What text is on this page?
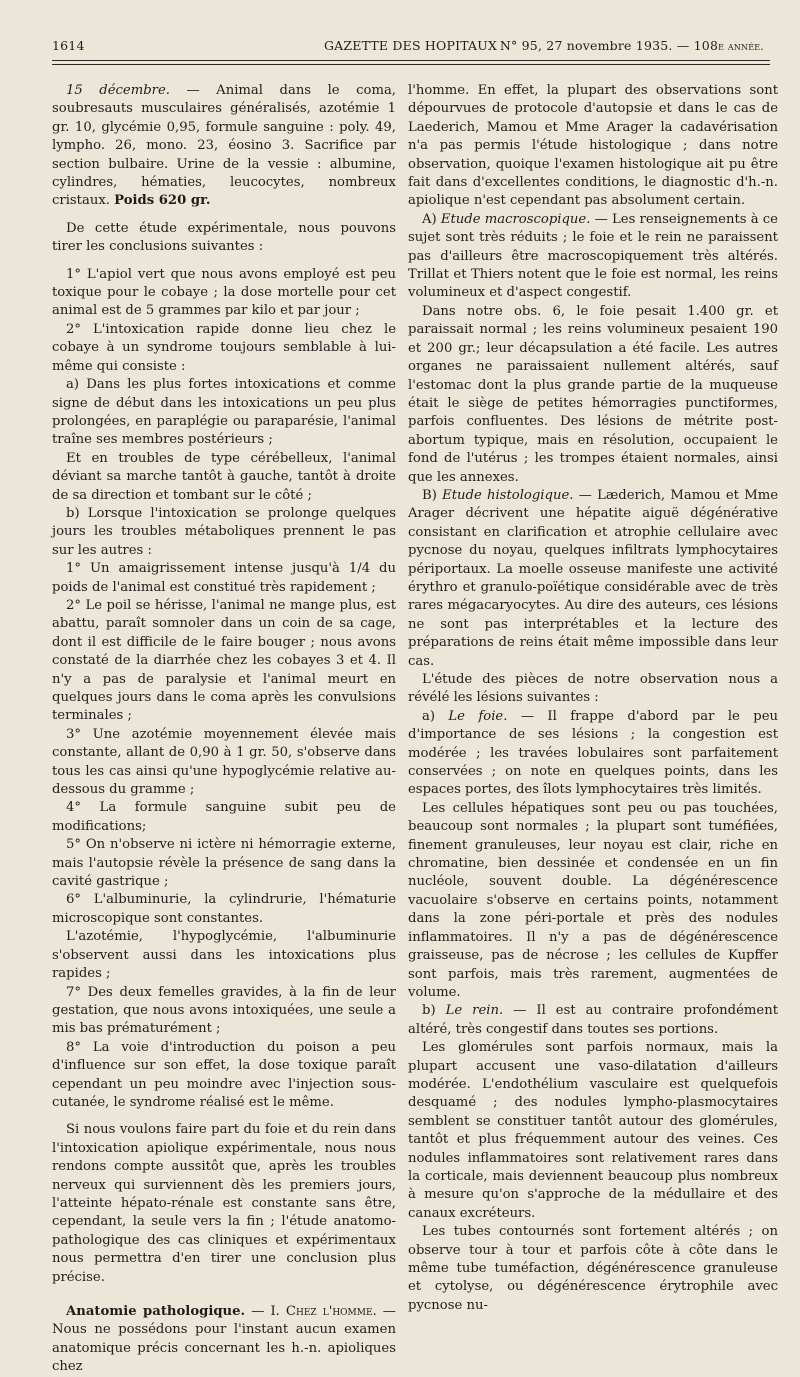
1614	GAZETTE DES HOPITAUX N° 95, 27 novembre 1935. — 108e année.

15 décembre. — Animal dans le coma, soubresauts musculaires généralisés, azotémie 1 gr. 10, glycémie 0,95, formule sanguine : poly. 49, lympho. 26, mono. 23, éosino 3. Sacrifice par section bulbaire. Urine de la vessie : albumine, cylindres, hématies, leucocytes, nombreux cristaux. Poids 620 gr.

De cette étude expérimentale, nous pouvons tirer les conclusions suivantes :

1° L'apiol vert que nous avons employé est peu toxique pour le cobaye ; la dose mortelle pour cet animal est de 5 grammes par kilo et par jour ;

2° L'intoxication rapide donne lieu chez le cobaye à un syndrome toujours semblable à lui-même qui consiste :

a) Dans les plus fortes intoxications et comme signe de début dans les intoxications un peu plus prolongées, en paraplégie ou paraparésie, l'animal traîne ses membres postérieurs ;

Et en troubles de type cérébelleux, l'animal déviant sa marche tantôt à gauche, tantôt à droite de sa direction et tombant sur le côté ;

b) Lorsque l'intoxication se prolonge quelques jours les troubles métaboliques prennent le pas sur les autres :

1° Un amaigrissement intense jusqu'à 1/4 du poids de l'animal est constitué très rapidement ;

2° Le poil se hérisse, l'animal ne mange plus, est abattu, paraît somnoler dans un coin de sa cage, dont il est difficile de le faire bouger ; nous avons constaté de la diarrhée chez les cobayes 3 et 4. Il n'y a pas de paralysie et l'animal meurt en quelques jours dans le coma après les convulsions terminales ;

3° Une azotémie moyennement élevée mais constante, allant de 0,90 à 1 gr. 50, s'observe dans tous les cas ainsi qu'une hypoglycémie relative au-dessous du gramme ;

4° La formule sanguine subit peu de modifications;

5° On n'observe ni ictère ni hémorragie externe, mais l'autopsie révèle la présence de sang dans la cavité gastrique ;

6° L'albuminurie, la cylindrurie, l'hématurie microscopique sont constantes.

L'azotémie, l'hypoglycémie, l'albuminurie s'observent aussi dans les intoxications plus rapides ;

7° Des deux femelles gravides, à la fin de leur gestation, que nous avons intoxiquées, une seule a mis bas prématurément ;

8° La voie d'introduction du poison a peu d'influence sur son effet, la dose toxique paraît cependant un peu moindre avec l'injection sous-cutanée, le syndrome réalisé est le même.

Si nous voulons faire part du foie et du rein dans l'intoxication apiolique expérimentale, nous nous rendons compte aussitôt que, après les troubles nerveux qui surviennent dès les premiers jours, l'atteinte hépato-rénale est constante sans être, cependant, la seule vers la fin ; l'étude anatomo-pathologique des cas cliniques et expérimentaux nous permettra d'en tirer une conclusion plus précise.

Anatomie pathologique. — I. Chez l'homme. — Nous ne possédons pour l'instant aucun examen anatomique précis concernant les h.-n. apioliques chez

l'homme. En effet, la plupart des observations sont dépourvues de protocole d'autopsie et dans le cas de Laederich, Mamou et Mme Arager la cadavérisation n'a pas permis l'étude histologique ; dans notre observation, quoique l'examen histologique ait pu être fait dans d'excellentes conditions, le diagnostic d'h.-n. apiolique n'est cependant pas absolument certain.

A) Etude macroscopique. — Les renseignements à ce sujet sont très réduits ; le foie et le rein ne paraissent pas d'ailleurs être macroscopiquement très altérés. Trillat et Thiers notent que le foie est normal, les reins volumineux et d'aspect congestif.

Dans notre obs. 6, le foie pesait 1.400 gr. et paraissait normal ; les reins volumineux pesaient 190 et 200 gr.; leur décapsulation a été facile. Les autres organes ne paraissaient nullement altérés, sauf l'estomac dont la plus grande partie de la muqueuse était le siège de petites hémorragies punctiformes, parfois confluentes. Des lésions de métrite post-abortum typique, mais en résolution, occupaient le fond de l'utérus ; les trompes étaient normales, ainsi que les annexes.

B) Etude histologique. — Læderich, Mamou et Mme Arager décrivent une hépatite aiguë dégénérative consistant en clarification et atrophie cellulaire avec pycnose du noyau, quelques infiltrats lymphocytaires périportaux. La moelle osseuse manifeste une activité érythro et granulo-poïétique considérable avec de très rares mégacaryocytes. Au dire des auteurs, ces lésions ne sont pas interprétables et la lecture des préparations de reins était même impossible dans leur cas.

L'étude des pièces de notre observation nous a révélé les lésions suivantes :

a) Le foie. — Il frappe d'abord par le peu d'importance de ses lésions ; la congestion est modérée ; les travées lobulaires sont parfaitement conservées ; on note en quelques points, dans les espaces portes, des îlots lymphocytaires très limités.

Les cellules hépatiques sont peu ou pas touchées, beaucoup sont normales ; la plupart sont tuméfiées, finement granuleuses, leur noyau est clair, riche en chromatine, bien dessinée et condensée en un fin nucléole, souvent double. La dégénérescence vacuolaire s'observe en certains points, notamment dans la zone péri-portale et près des nodules inflammatoires. Il n'y a pas de dégénérescence graisseuse, pas de nécrose ; les cellules de Kupffer sont parfois, mais très rarement, augmentées de volume.

b) Le rein. — Il est au contraire profondément altéré, très congestif dans toutes ses portions.

Les glomérules sont parfois normaux, mais la plupart accusent une vaso-dilatation d'ailleurs modérée. L'endothélium vasculaire est quelquefois desquamé ; des nodules lympho-plasmocytaires semblent se constituer tantôt autour des glomérules, tantôt et plus fréquemment autour des veines. Ces nodules inflammatoires sont relativement rares dans la corticale, mais deviennent beaucoup plus nombreux à mesure qu'on s'approche de la médullaire et des canaux excréteurs.

Les tubes contournés sont fortement altérés ; on observe tour à tour et parfois côte à côte dans le même tube tuméfaction, dégénérescence granuleuse et cytolyse, ou dégénérescence érytrophile avec pycnose nu-
